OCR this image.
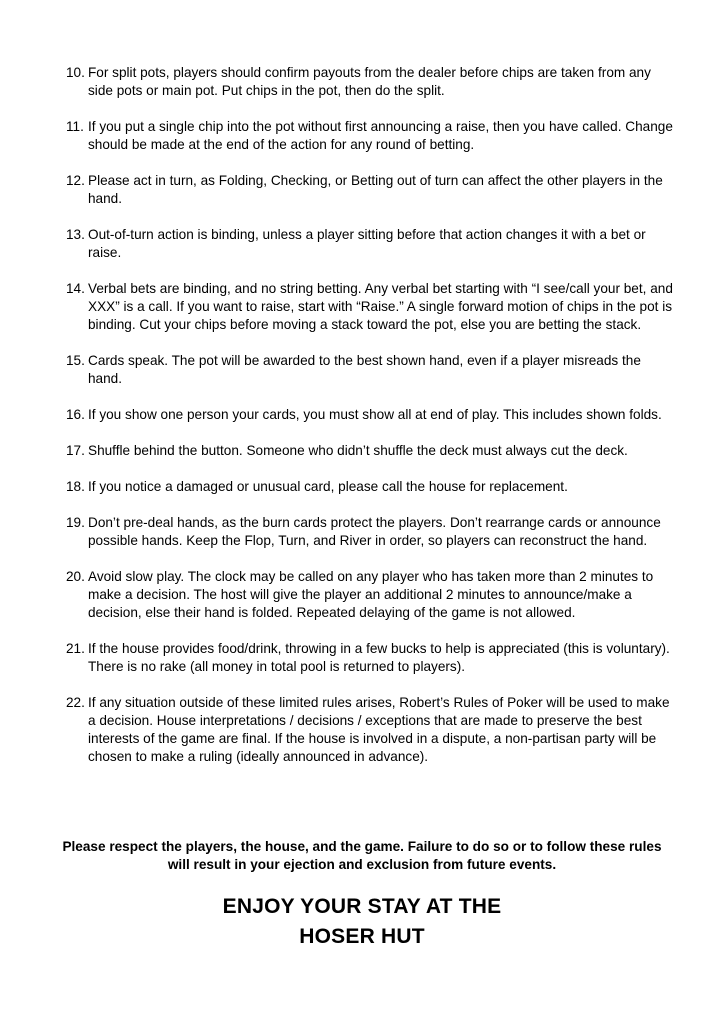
10. For split pots, players should confirm payouts from the dealer before chips are taken from any side pots or main pot. Put chips in the pot, then do the split.
11. If you put a single chip into the pot without first announcing a raise, then you have called. Change should be made at the end of the action for any round of betting.
12. Please act in turn, as Folding, Checking, or Betting out of turn can affect the other players in the hand.
13. Out-of-turn action is binding, unless a player sitting before that action changes it with a bet or raise.
14. Verbal bets are binding, and no string betting. Any verbal bet starting with “I see/call your bet, and XXX” is a call. If you want to raise, start with “Raise.” A single forward motion of chips in the pot is binding. Cut your chips before moving a stack toward the pot, else you are betting the stack.
15. Cards speak. The pot will be awarded to the best shown hand, even if a player misreads the hand.
16. If you show one person your cards, you must show all at end of play. This includes shown folds.
17. Shuffle behind the button. Someone who didn’t shuffle the deck must always cut the deck.
18. If you notice a damaged or unusual card, please call the house for replacement.
19. Don’t pre-deal hands, as the burn cards protect the players. Don’t rearrange cards or announce possible hands. Keep the Flop, Turn, and River in order, so players can reconstruct the hand.
20. Avoid slow play. The clock may be called on any player who has taken more than 2 minutes to make a decision. The host will give the player an additional 2 minutes to announce/make a decision, else their hand is folded. Repeated delaying of the game is not allowed.
21. If the house provides food/drink, throwing in a few bucks to help is appreciated (this is voluntary). There is no rake (all money in total pool is returned to players).
22. If any situation outside of these limited rules arises, Robert’s Rules of Poker will be used to make a decision. House interpretations / decisions / exceptions that are made to preserve the best interests of the game are final. If the house is involved in a dispute, a non-partisan party will be chosen to make a ruling (ideally announced in advance).

Please respect the players, the house, and the game. Failure to do so or to follow these rules will result in your ejection and exclusion from future events.

ENJOY YOUR STAY AT THE
HOSER HUT
